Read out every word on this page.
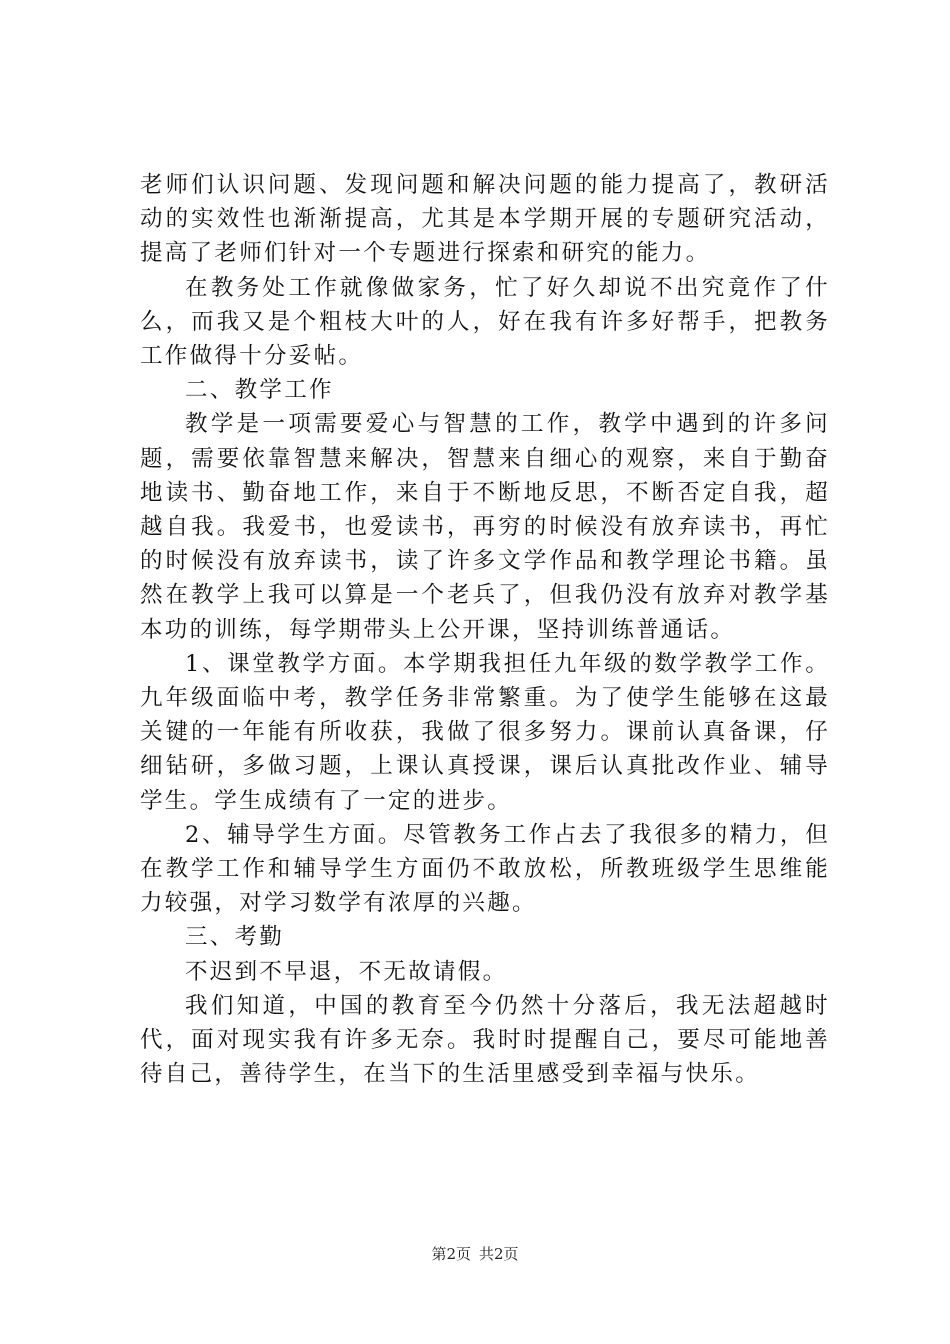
老师们认识问题、发现问题和解决问题的能力提高了，教研活动的实效性也渐渐提高，尤其是本学期开展的专题研究活动，提高了老师们针对一个专题进行探索和研究的能力。

在教务处工作就像做家务，忙了好久却说不出究竟作了什么，而我又是个粗枝大叶的人，好在我有许多好帮手，把教务工作做得十分妥帖。

二、教学工作

教学是一项需要爱心与智慧的工作，教学中遇到的许多问题，需要依靠智慧来解决，智慧来自细心的观察，来自于勤奋地读书、勤奋地工作，来自于不断地反思，不断否定自我，超越自我。我爱书，也爱读书，再穷的时候没有放弃读书，再忙的时候没有放弃读书，读了许多文学作品和教学理论书籍。虽然在教学上我可以算是一个老兵了，但我仍没有放弃对教学基本功的训练，每学期带头上公开课，坚持训练普通话。

1、课堂教学方面。本学期我担任九年级的数学教学工作。九年级面临中考，教学任务非常繁重。为了使学生能够在这最关键的一年能有所收获，我做了很多努力。课前认真备课，仔细钻研，多做习题，上课认真授课，课后认真批改作业、辅导学生。学生成绩有了一定的进步。

2、辅导学生方面。尽管教务工作占去了我很多的精力，但在教学工作和辅导学生方面仍不敢放松，所教班级学生思维能力较强，对学习数学有浓厚的兴趣。

三、考勤

不迟到不早退，不无故请假。

我们知道，中国的教育至今仍然十分落后，我无法超越时代，面对现实我有许多无奈。我时时提醒自己，要尽可能地善待自己，善待学生，在当下的生活里感受到幸福与快乐。

第2页 共2页
